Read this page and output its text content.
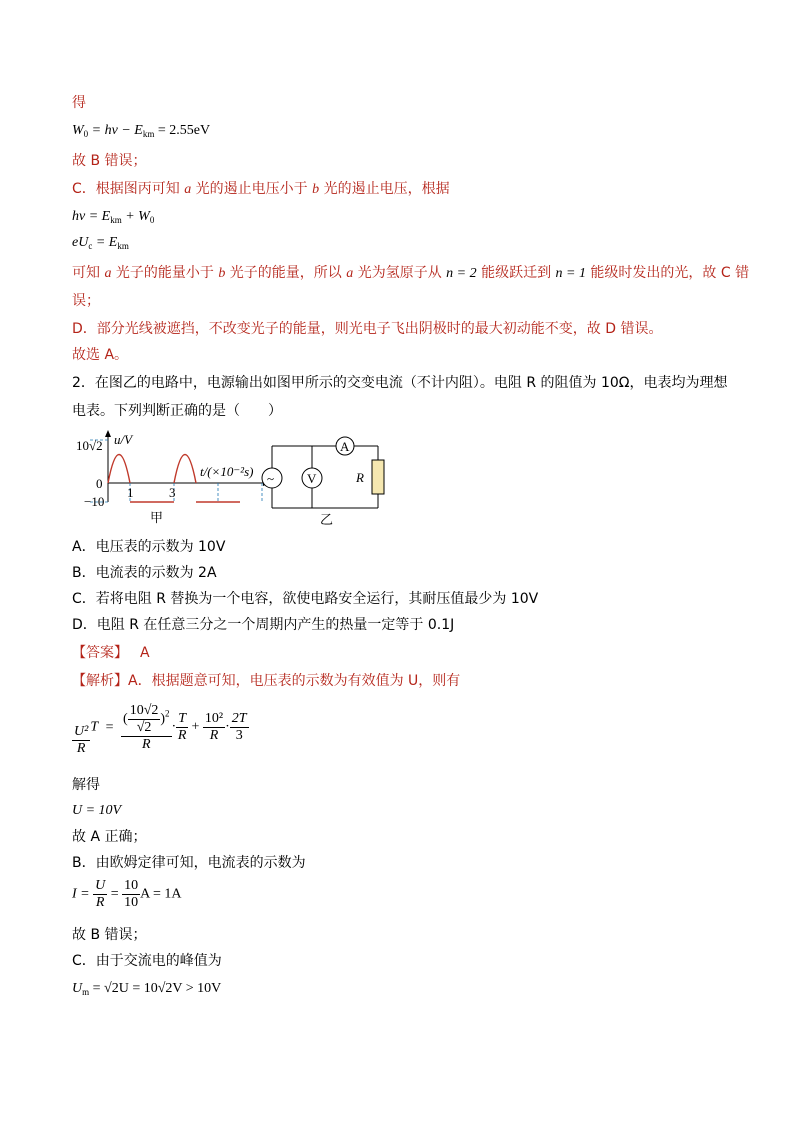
得
$W_0 = h\nu - E_{km} = 2.55eV$
故 B 错误；
C．根据图丙可知 a 光的遏止电压小于 b 光的遏止电压，根据
$h\nu = E_{km} + W_0$
$eU_c = E_{km}$
可知 a 光子的能量小于 b 光子的能量，所以 a 光为氢原子从 n = 2 能级跃迁到 n = 1 能级时发出的光，故 C 错
误；
D．部分光线被遮挡，不改变光子的能量，则光电子飞出阴极时的最大初动能不变，故 D 错误。
故选 A。
2．在图乙的电路中，电源输出如图甲所示的交变电流（不计内阻）。电阻 R 的阻值为 10Ω，电表均为理想
电表。下列判断正确的是（　　）
u/V
10√2
0
−10
1	3
t/(×10⁻²s)
甲
~	V
A
R
乙
A．电压表的示数为 10V
B．电流表的示数为 2A
C．若将电阻 R 替换为一个电容，欲使电路安全运行，其耐压值最少为 10V
D．电阻 R 在任意三分之一个周期内产生的热量一定等于 0.1J
【答案】 A
【解析】A．根据题意可知，电压表的示数为有效值为 U，则有
$\frac{\text{U²}}{R}$ $T = \frac{( \frac{10√2}{√2} )^2}{R} \cdot \frac{T}{R} + \frac{\text{10²}}{R} \cdot \frac{2T}{3}$
解得
U = 10V
故 A 正确；
B．由欧姆定律可知，电流表的示数为
$I = \frac{U}{R} = \frac{10}{10}$ A = 1A
故 B 错误；
C．由于交流电的峰值为
$U_m = √2U = 10√2V > 10V$
